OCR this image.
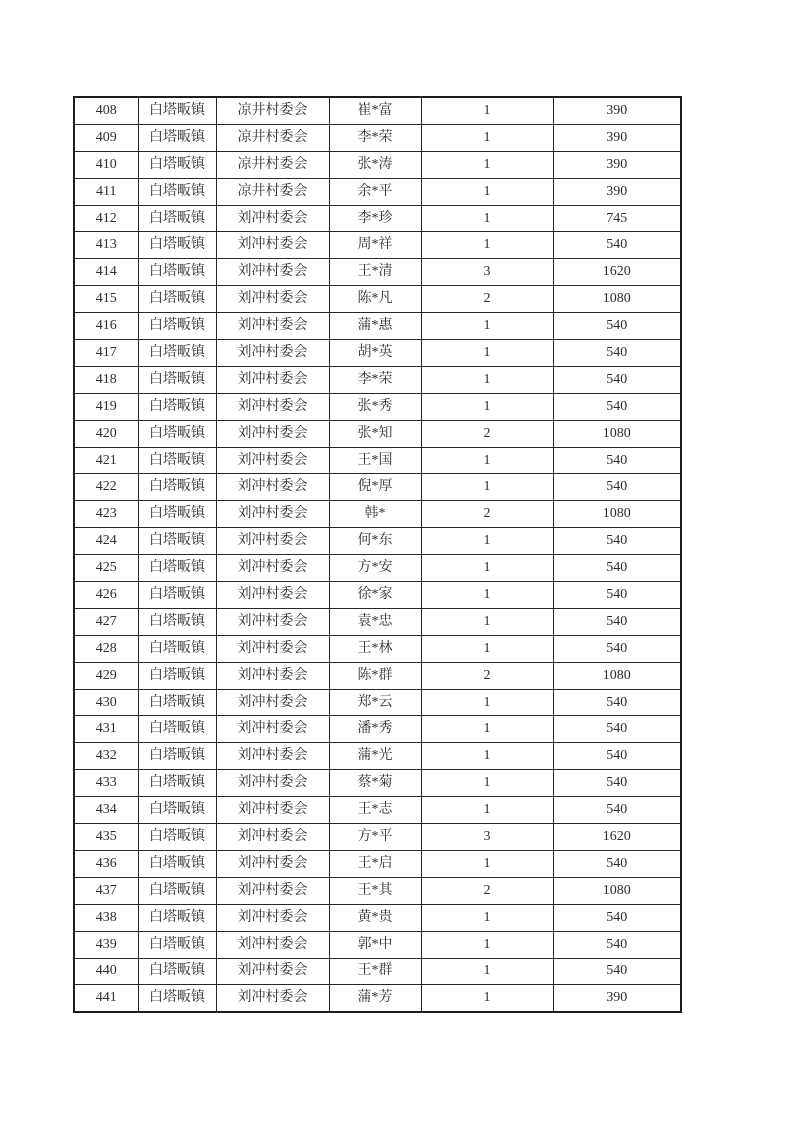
408	白塔畈镇	凉井村委会	崔*富	1	390
409	白塔畈镇	凉井村委会	李*荣	1	390
410	白塔畈镇	凉井村委会	张*涛	1	390
411	白塔畈镇	凉井村委会	余*平	1	390
412	白塔畈镇	刘冲村委会	李*珍	1	745
413	白塔畈镇	刘冲村委会	周*祥	1	540
414	白塔畈镇	刘冲村委会	王*清	3	1620
415	白塔畈镇	刘冲村委会	陈*凡	2	1080
416	白塔畈镇	刘冲村委会	蒲*惠	1	540
417	白塔畈镇	刘冲村委会	胡*英	1	540
418	白塔畈镇	刘冲村委会	李*荣	1	540
419	白塔畈镇	刘冲村委会	张*秀	1	540
420	白塔畈镇	刘冲村委会	张*知	2	1080
421	白塔畈镇	刘冲村委会	王*国	1	540
422	白塔畈镇	刘冲村委会	倪*厚	1	540
423	白塔畈镇	刘冲村委会	韩*	2	1080
424	白塔畈镇	刘冲村委会	何*东	1	540
425	白塔畈镇	刘冲村委会	方*安	1	540
426	白塔畈镇	刘冲村委会	徐*家	1	540
427	白塔畈镇	刘冲村委会	袁*忠	1	540
428	白塔畈镇	刘冲村委会	王*林	1	540
429	白塔畈镇	刘冲村委会	陈*群	2	1080
430	白塔畈镇	刘冲村委会	郑*云	1	540
431	白塔畈镇	刘冲村委会	潘*秀	1	540
432	白塔畈镇	刘冲村委会	蒲*光	1	540
433	白塔畈镇	刘冲村委会	蔡*菊	1	540
434	白塔畈镇	刘冲村委会	王*志	1	540
435	白塔畈镇	刘冲村委会	方*平	3	1620
436	白塔畈镇	刘冲村委会	王*启	1	540
437	白塔畈镇	刘冲村委会	王*其	2	1080
438	白塔畈镇	刘冲村委会	黄*贵	1	540
439	白塔畈镇	刘冲村委会	郭*中	1	540
440	白塔畈镇	刘冲村委会	王*群	1	540
441	白塔畈镇	刘冲村委会	蒲*芳	1	390
